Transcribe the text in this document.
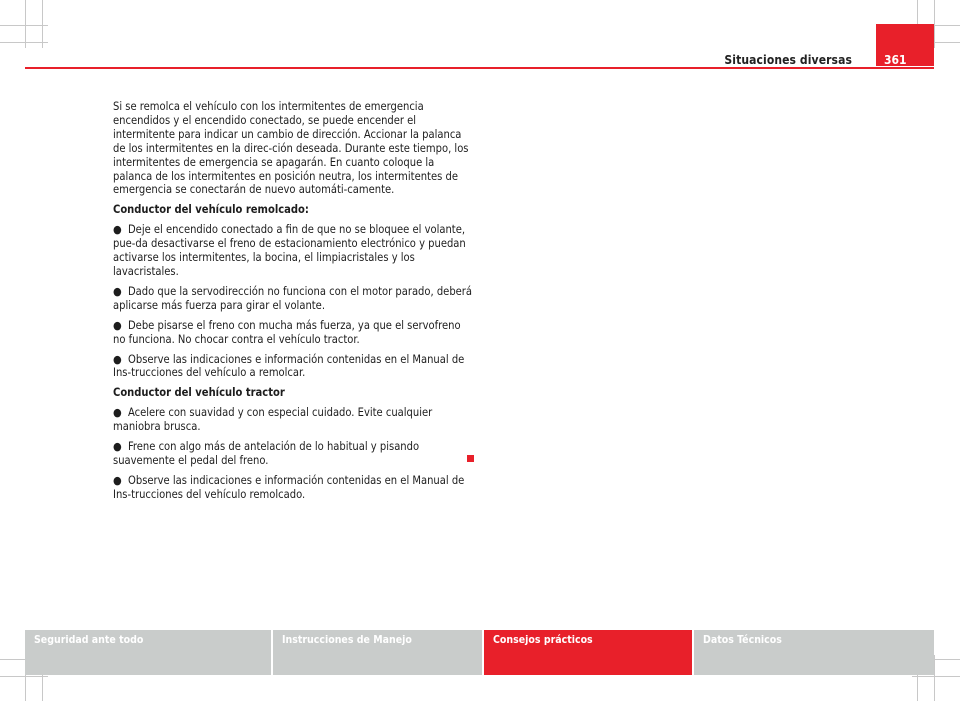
Situaciones diversas	361

Si se remolca el vehículo con los intermitentes de emergencia encendidos y el encendido conectado, se puede encender el intermitente para indicar un cambio de dirección. Accionar la palanca de los intermitentes en la direc-ción deseada. Durante este tiempo, los intermitentes de emergencia se apagarán. En cuanto coloque la palanca de los intermitentes en posición neutra, los intermitentes de emergencia se conectarán de nuevo automáti-camente.

Conductor del vehículo remolcado:

● Deje el encendido conectado a fin de que no se bloquee el volante, pue-da desactivarse el freno de estacionamiento electrónico y puedan activarse los intermitentes, la bocina, el limpiacristales y los lavacristales.

● Dado que la servodirección no funciona con el motor parado, deberá aplicarse más fuerza para girar el volante.

● Debe pisarse el freno con mucha más fuerza, ya que el servofreno no funciona. No chocar contra el vehículo tractor.

● Observe las indicaciones e información contenidas en el Manual de Ins-trucciones del vehículo a remolcar.

Conductor del vehículo tractor

● Acelere con suavidad y con especial cuidado. Evite cualquier maniobra brusca.

● Frene con algo más de antelación de lo habitual y pisando suavemente el pedal del freno.

● Observe las indicaciones e información contenidas en el Manual de Ins-trucciones del vehículo remolcado.

Seguridad ante todo	Instrucciones de Manejo	Consejos prácticos	Datos Técnicos
